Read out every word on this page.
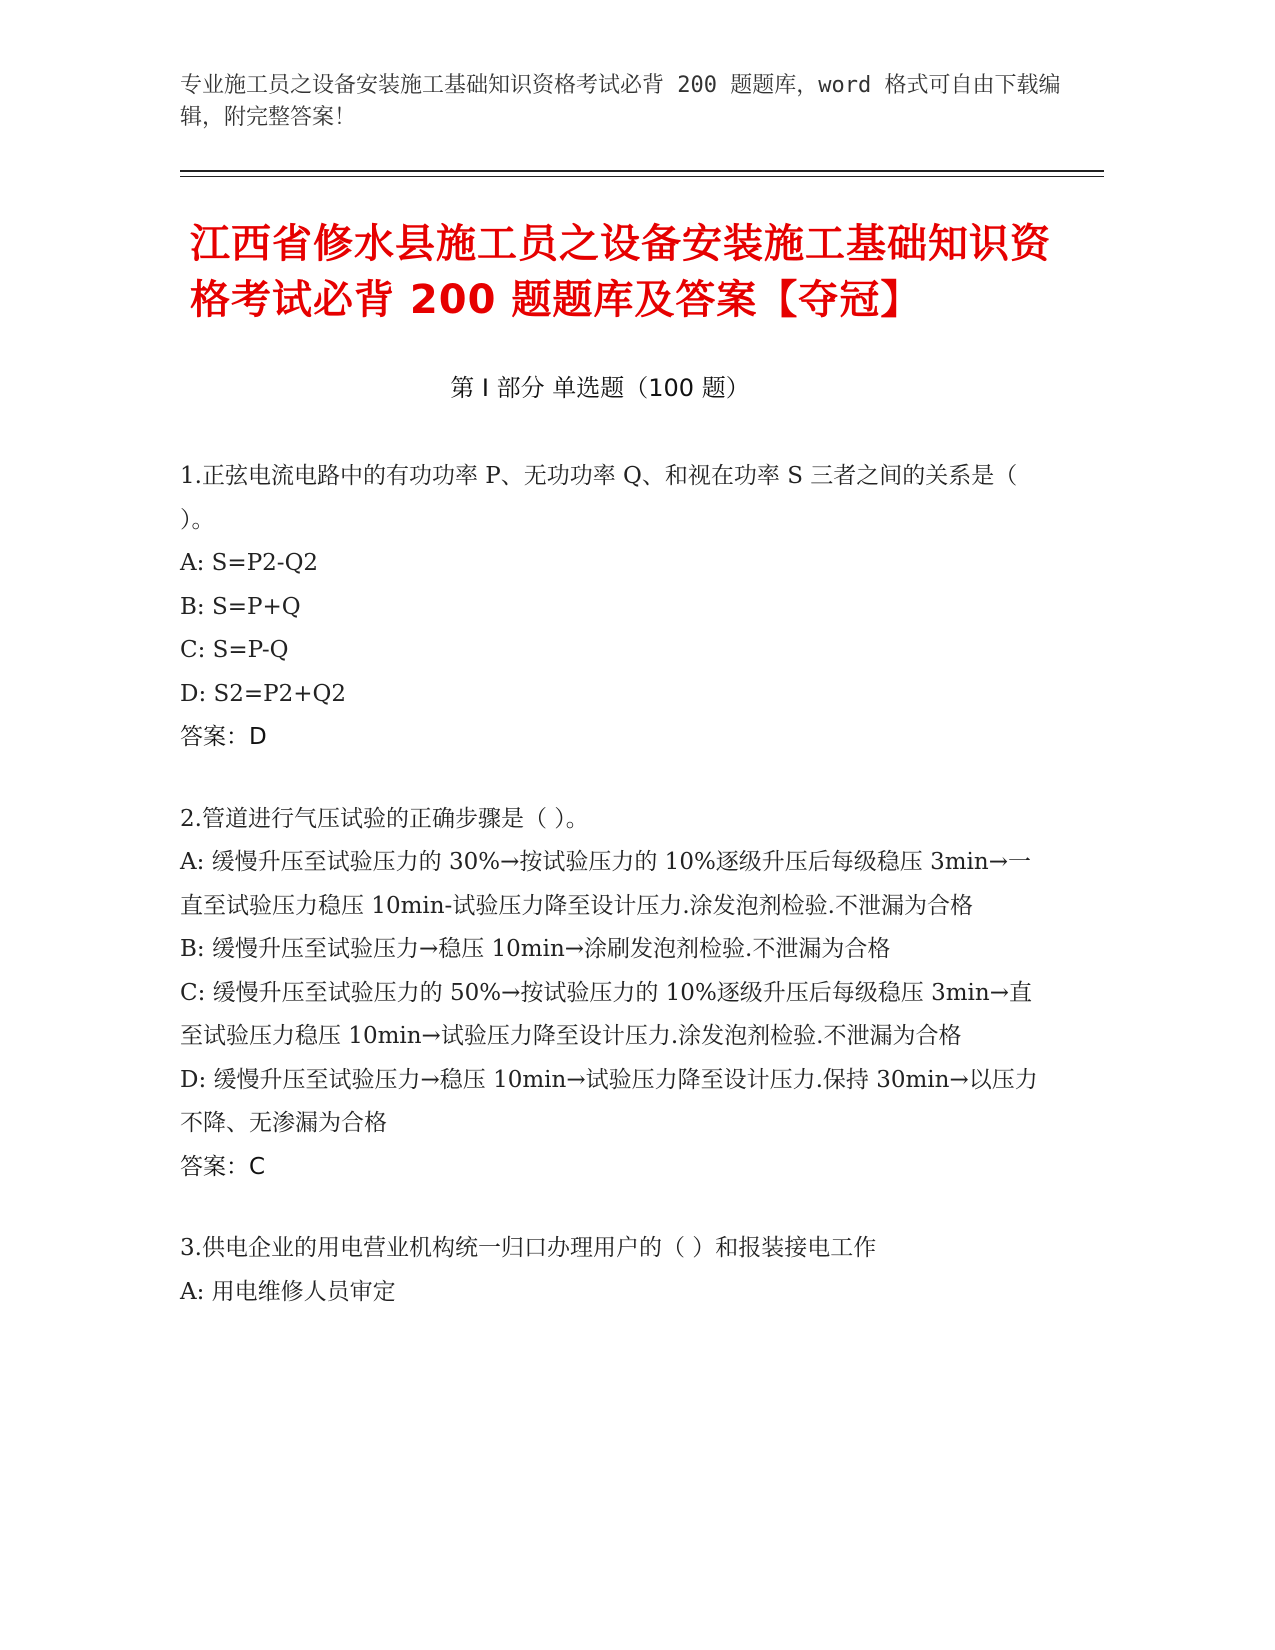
专业施工员之设备安装施工基础知识资格考试必背 200 题题库，word 格式可自由下载编辑，附完整答案！
江西省修水县施工员之设备安装施工基础知识资格考试必背 200 题题库及答案【夺冠】
第 I 部分 单选题（100 题）

1.正弦电流电路中的有功功率 P、无功功率 Q、和视在功率 S 三者之间的关系是（ ）。

A: S=P2-Q2

B: S=P+Q

C: S=P-Q

D: S2=P2+Q2

答案：D

2.管道进行气压试验的正确步骤是（ ）。

A: 缓慢升压至试验压力的 30%→按试验压力的 10%逐级升压后每级稳压 3min→一直至试验压力稳压 10min-试验压力降至设计压力.涂发泡剂检验.不泄漏为合格

B: 缓慢升压至试验压力→稳压 10min→涂刷发泡剂检验.不泄漏为合格

C: 缓慢升压至试验压力的 50%→按试验压力的 10%逐级升压后每级稳压 3min→直至试验压力稳压 10min→试验压力降至设计压力.涂发泡剂检验.不泄漏为合格

D: 缓慢升压至试验压力→稳压 10min→试验压力降至设计压力.保持 30min→以压力不降、无渗漏为合格

答案：C

3.供电企业的用电营业机构统一归口办理用户的（ ）和报装接电工作

A: 用电维修人员审定
